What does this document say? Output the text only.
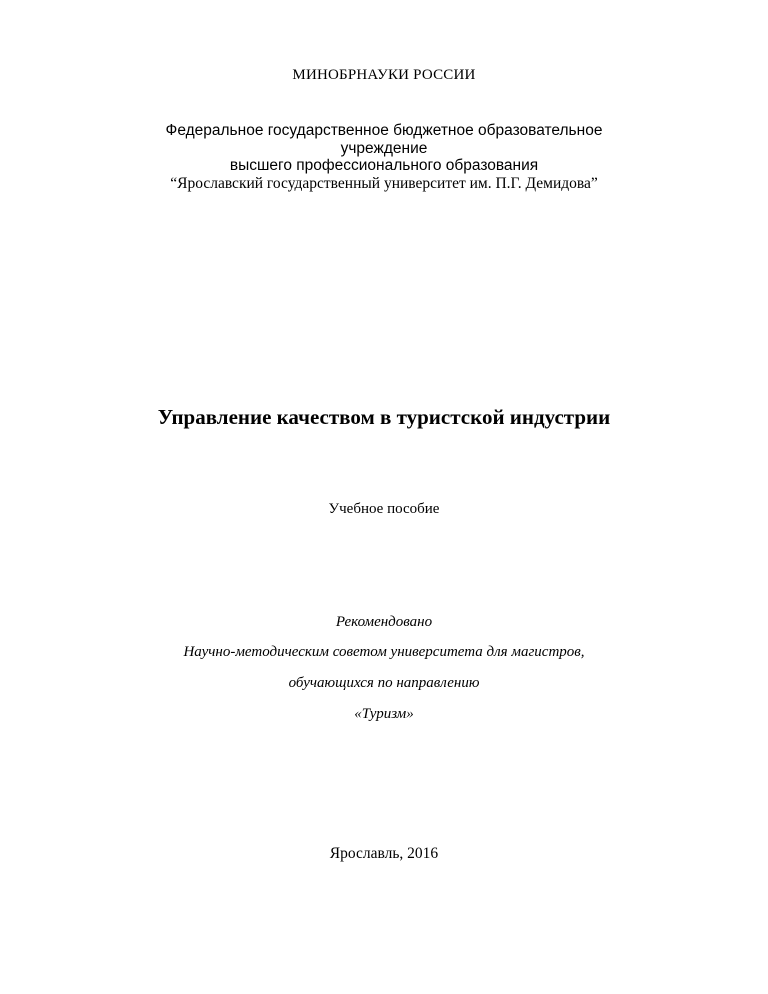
МИНОБРНАУКИ РОССИИ
Федеральное государственное бюджетное образовательное
учреждение
высшего профессионального образования
“Ярославский государственный университет им. П.Г. Демидова”
Управление качеством в туристской индустрии
Учебное пособие
Рекомендовано
Научно-методическим советом университета для магистров,
обучающихся по направлению
«Туризм»
Ярославль, 2016
